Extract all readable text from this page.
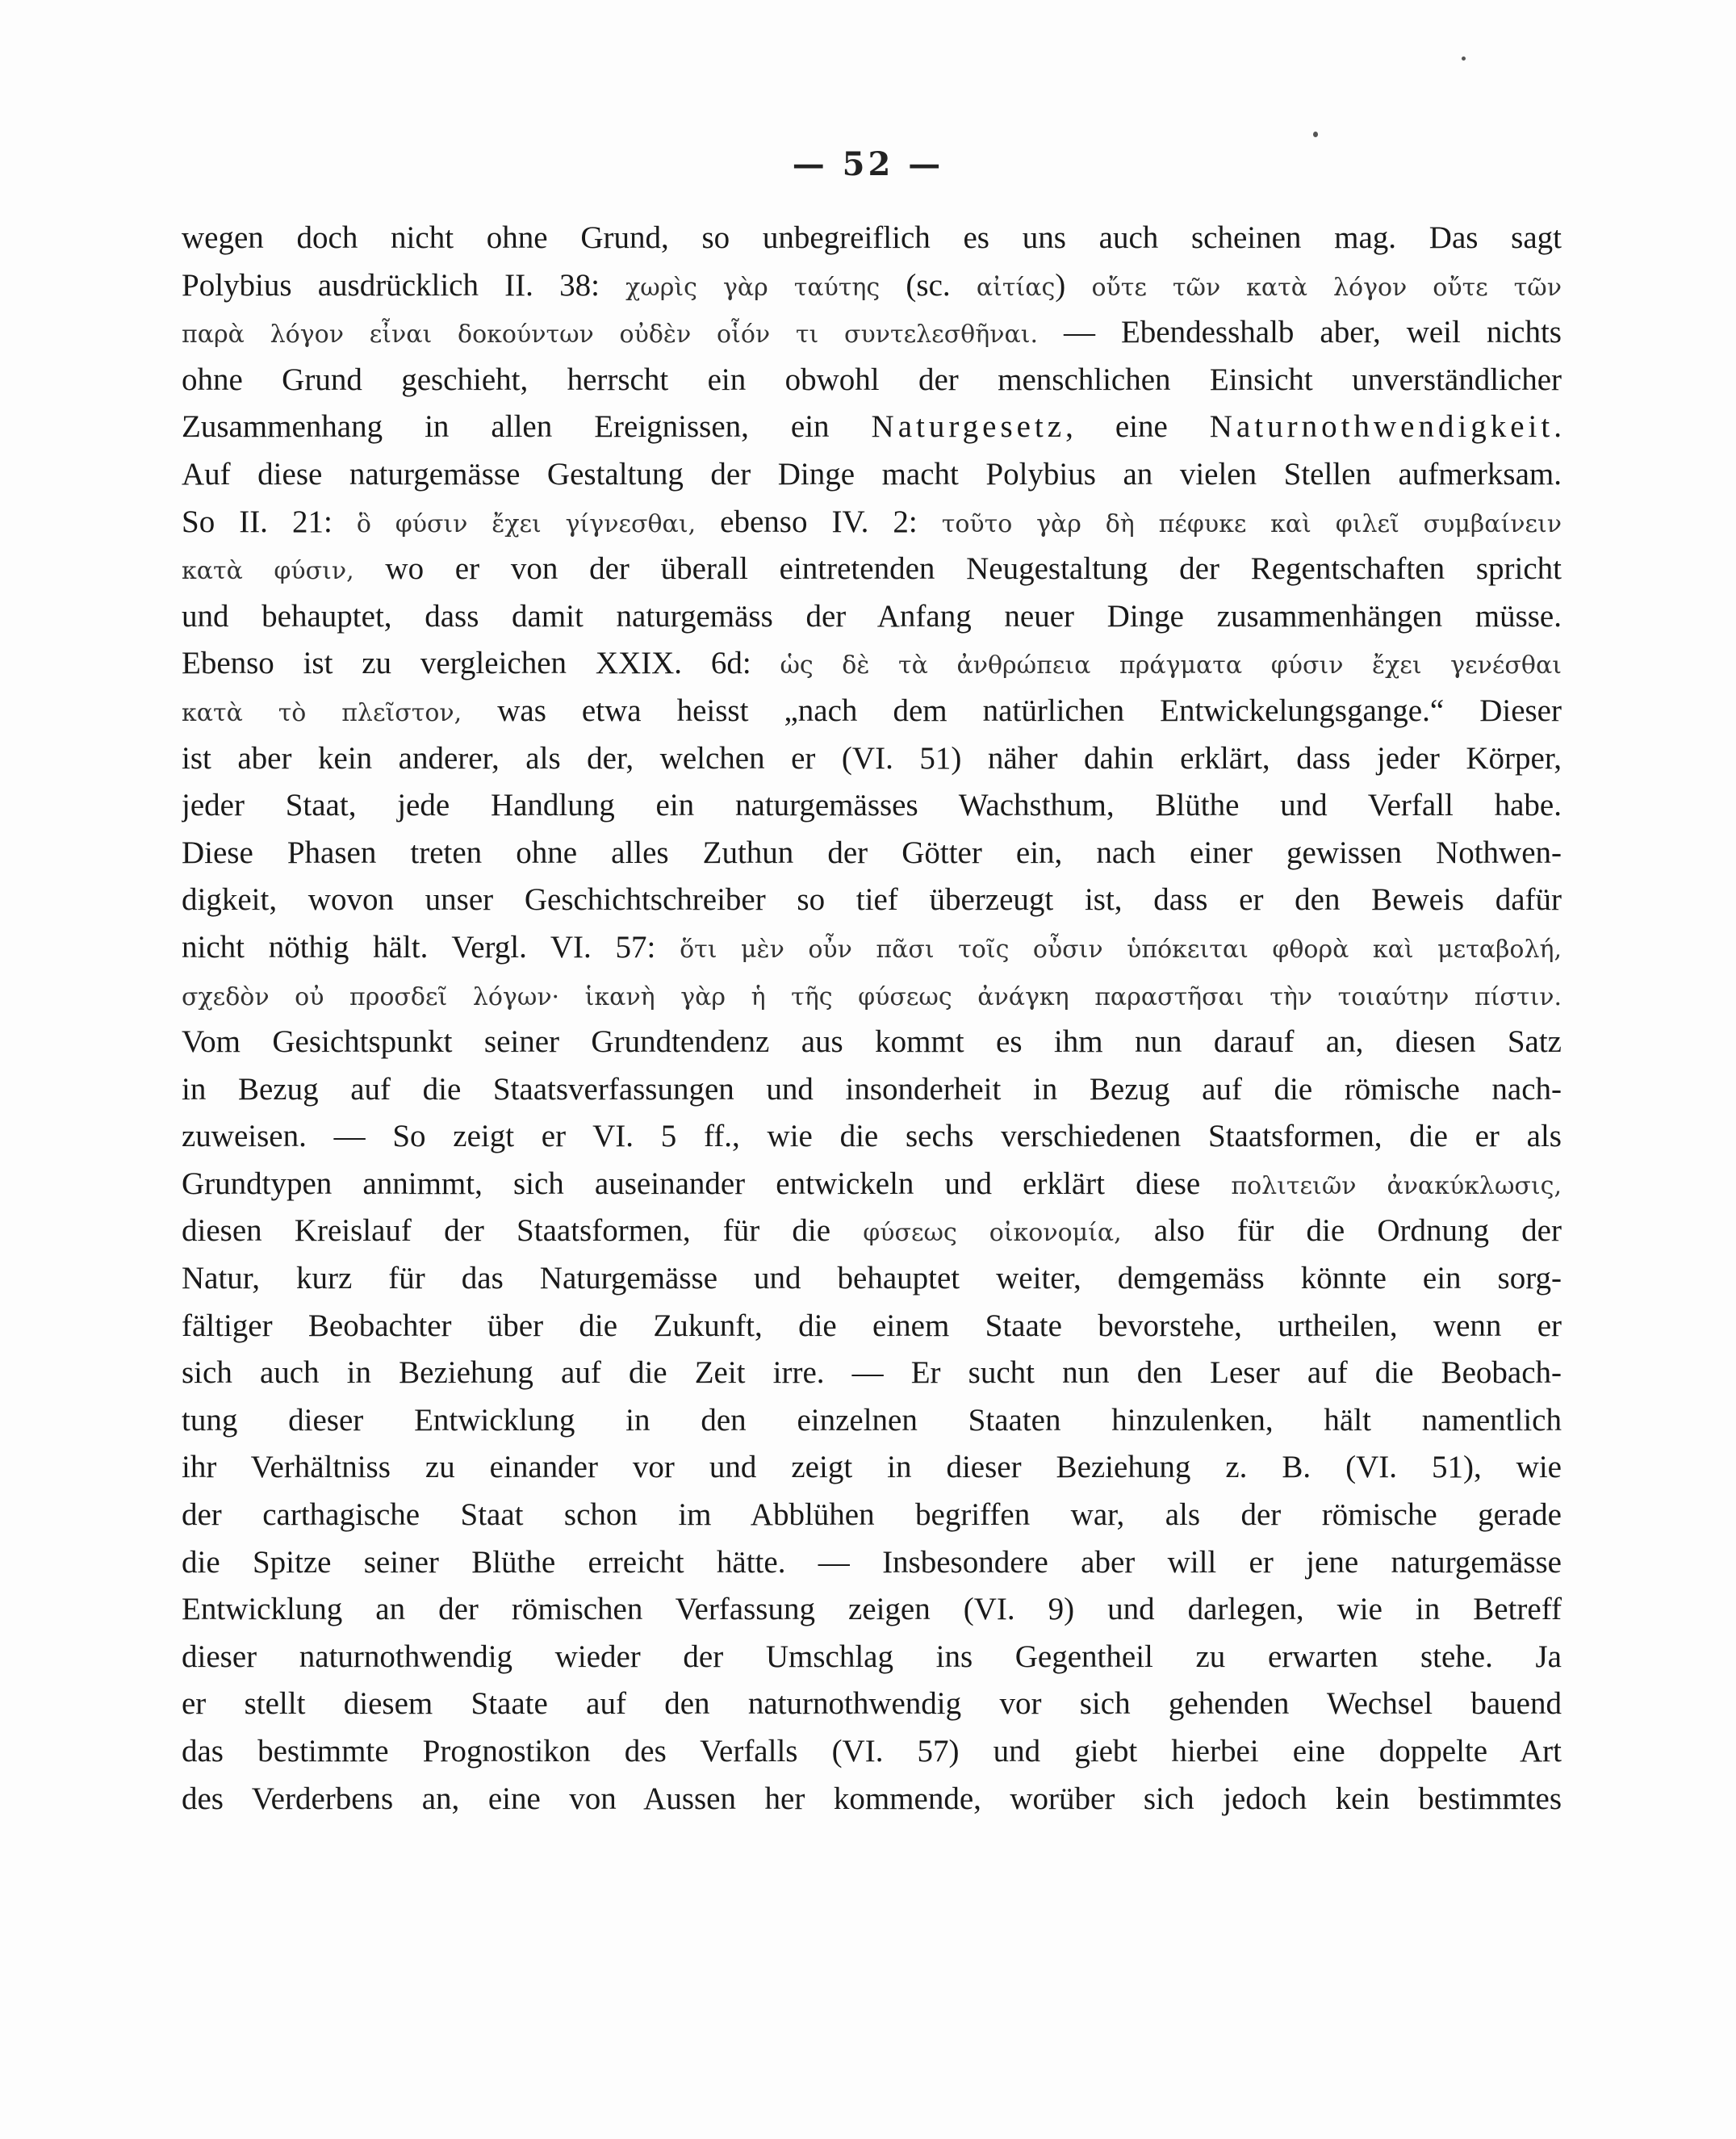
— 52 —
wegen doch nicht ohne Grund, so unbegreiflich es uns auch scheinen mag. Das sagt
Polybius ausdrücklich II. 38: χωρὶς γὰρ ταύτης (sc. αἰτίας) οὔτε τῶν κατὰ λόγον οὔτε τῶν
παρὰ λόγον εἶναι δοκούντων οὐδὲν οἷόν τι συντελεσθῆναι. — Ebendesshalb aber, weil nichts
ohne Grund geschieht, herrscht ein obwohl der menschlichen Einsicht unverständlicher
Zusammenhang in allen Ereignissen, ein Naturgesetz, eine Naturnothwendigkeit.
Auf diese naturgemässe Gestaltung der Dinge macht Polybius an vielen Stellen aufmerksam.
So II. 21: ὃ φύσιν ἔχει γίγνεσθαι, ebenso IV. 2: τοῦτο γὰρ δὴ πέφυκε καὶ φιλεῖ συμβαίνειν
κατὰ φύσιν, wo er von der überall eintretenden Neugestaltung der Regentschaften spricht
und behauptet, dass damit naturgemäss der Anfang neuer Dinge zusammenhängen müsse.
Ebenso ist zu vergleichen XXIX. 6d: ὡς δὲ τὰ ἀνθρώπεια πράγματα φύσιν ἔχει γενέσθαι
κατὰ τὸ πλεῖστον, was etwa heisst „nach dem natürlichen Entwickelungsgange.“ Dieser
ist aber kein anderer, als der, welchen er (VI. 51) näher dahin erklärt, dass jeder Körper,
jeder Staat, jede Handlung ein naturgemässes Wachsthum, Blüthe und Verfall habe.
Diese Phasen treten ohne alles Zuthun der Götter ein, nach einer gewissen Nothwen-
digkeit, wovon unser Geschichtschreiber so tief überzeugt ist, dass er den Beweis dafür
nicht nöthig hält. Vergl. VI. 57: ὅτι μὲν οὖν πᾶσι τοῖς οὖσιν ὑπόκειται φθορὰ καὶ μεταβολή,
σχεδὸν οὐ προσδεῖ λόγων· ἱκανὴ γὰρ ἡ τῆς φύσεως ἀνάγκη παραστῆσαι τὴν τοιαύτην πίστιν.
Vom Gesichtspunkt seiner Grundtendenz aus kommt es ihm nun darauf an, diesen Satz
in Bezug auf die Staatsverfassungen und insonderheit in Bezug auf die römische nach-
zuweisen. — So zeigt er VI. 5 ff., wie die sechs verschiedenen Staatsformen, die er als
Grundtypen annimmt, sich auseinander entwickeln und erklärt diese πολιτειῶν ἀνακύκλωσις,
diesen Kreislauf der Staatsformen, für die φύσεως οἰκονομία, also für die Ordnung der
Natur, kurz für das Naturgemässe und behauptet weiter, demgemäss könnte ein sorg-
fältiger Beobachter über die Zukunft, die einem Staate bevorstehe, urtheilen, wenn er
sich auch in Beziehung auf die Zeit irre. — Er sucht nun den Leser auf die Beobach-
tung dieser Entwicklung in den einzelnen Staaten hinzulenken, hält namentlich
ihr Verhältniss zu einander vor und zeigt in dieser Beziehung z. B. (VI. 51), wie
der carthagische Staat schon im Abblühen begriffen war, als der römische gerade
die Spitze seiner Blüthe erreicht hätte. — Insbesondere aber will er jene naturgemässe
Entwicklung an der römischen Verfassung zeigen (VI. 9) und darlegen, wie in Betreff
dieser naturnothwendig wieder der Umschlag ins Gegentheil zu erwarten stehe. Ja
er stellt diesem Staate auf den naturnothwendig vor sich gehenden Wechsel bauend
das bestimmte Prognostikon des Verfalls (VI. 57) und giebt hierbei eine doppelte Art
des Verderbens an, eine von Aussen her kommende, worüber sich jedoch kein bestimmtes
